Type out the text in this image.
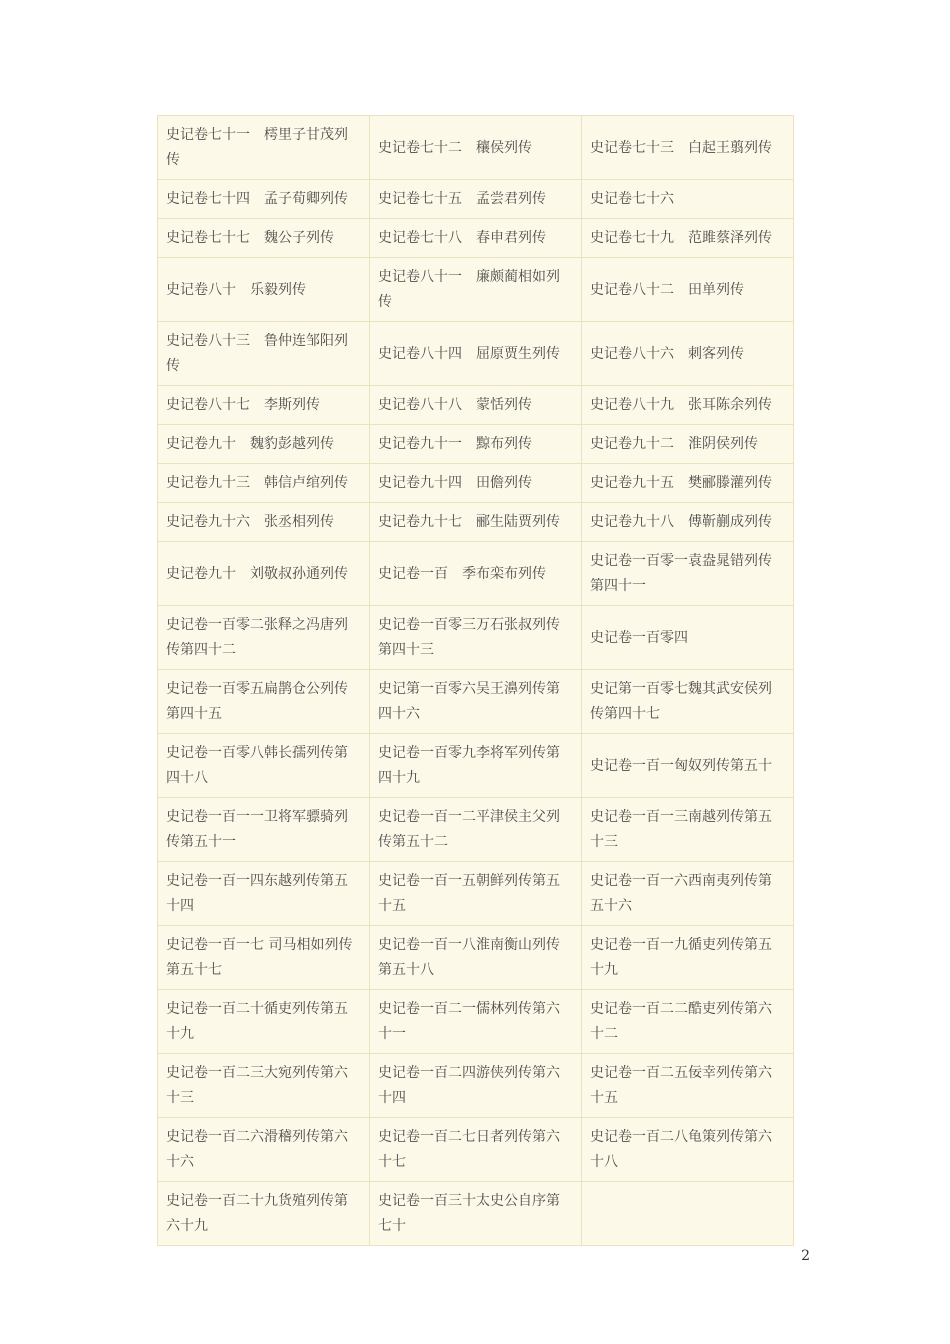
史记卷七十一　樗里子甘茂列传	史记卷七十二　穰侯列传	史记卷七十三　白起王翦列传
史记卷七十四　孟子荀卿列传	史记卷七十五　孟尝君列传	史记卷七十六
史记卷七十七　魏公子列传	史记卷七十八　春申君列传	史记卷七十九　范雎蔡泽列传
史记卷八十　乐毅列传	史记卷八十一　廉颇蔺相如列传	史记卷八十二　田单列传
史记卷八十三　鲁仲连邹阳列传	史记卷八十四　屈原贾生列传	史记卷八十六　刺客列传
史记卷八十七　李斯列传	史记卷八十八　蒙恬列传	史记卷八十九　张耳陈余列传
史记卷九十　魏豹彭越列传	史记卷九十一　黥布列传	史记卷九十二　淮阴侯列传
史记卷九十三　韩信卢绾列传	史记卷九十四　田儋列传	史记卷九十五　樊郦滕灌列传
史记卷九十六　张丞相列传	史记卷九十七　郦生陆贾列传	史记卷九十八　傅靳蒯成列传
史记卷九十　刘敬叔孙通列传	史记卷一百　季布栾布列传	史记卷一百零一袁盎晁错列传第四十一
史记卷一百零二张释之冯唐列传第四十二	史记卷一百零三万石张叔列传第四十三	史记卷一百零四
史记卷一百零五扁鹊仓公列传第四十五	史记第一百零六吴王濞列传第四十六	史记第一百零七魏其武安侯列传第四十七
史记卷一百零八韩长孺列传第四十八	史记卷一百零九李将军列传第四十九	史记卷一百一匈奴列传第五十
史记卷一百一一卫将军骠骑列传第五十一	史记卷一百一二平津侯主父列传第五十二	史记卷一百一三南越列传第五十三
史记卷一百一四东越列传第五十四	史记卷一百一五朝鲜列传第五十五	史记卷一百一六西南夷列传第五十六
史记卷一百一七 司马相如列传第五十七	史记卷一百一八淮南衡山列传第五十八	史记卷一百一九循吏列传第五十九
史记卷一百二十循吏列传第五十九	史记卷一百二一儒林列传第六十一	史记卷一百二二酷吏列传第六十二
史记卷一百二三大宛列传第六十三	史记卷一百二四游侠列传第六十四	史记卷一百二五佞幸列传第六十五
史记卷一百二六滑稽列传第六十六	史记卷一百二七日者列传第六十七	史记卷一百二八龟策列传第六十八
史记卷一百二十九货殖列传第六十九	史记卷一百三十太史公自序第七十	
2
